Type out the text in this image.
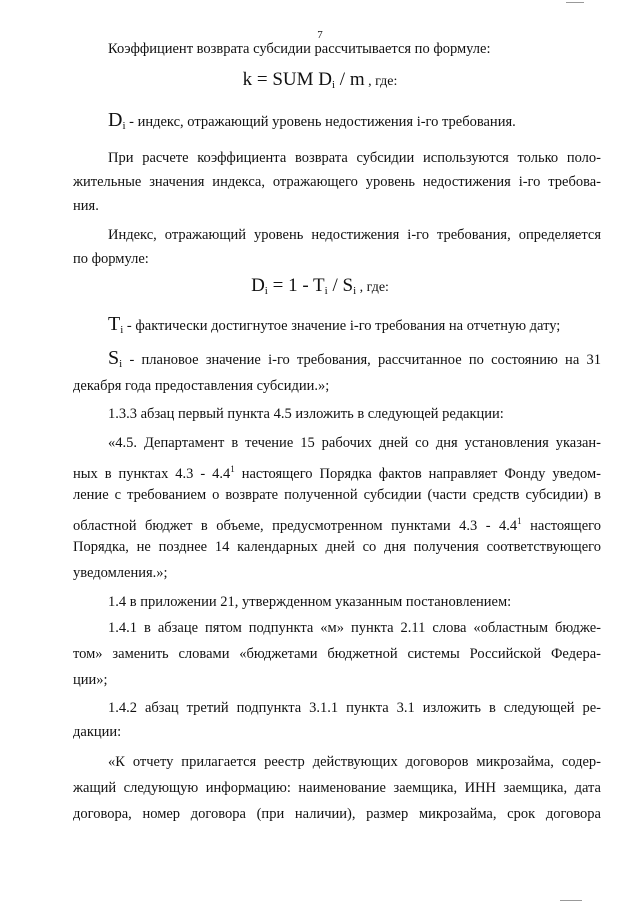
7
Коэффициент возврата субсидии рассчитывается по формуле:
k = SUM $D_i$ / m , где:
$D_i$ - индекс, отражающий уровень недостижения i-го требования.
При расчете коэффициента возврата субсидии используются только поло-
жительные значения индекса, отражающего уровень недостижения i-го требова-
ния.
Индекс, отражающий уровень недостижения i-го требования, определяется
по формуле:
$D_i = 1 - T_i / S_i$ , где:
$T_i$ - фактически достигнутое значение i-го требования на отчетную дату;
$S_i$ - плановое значение i-го требования, рассчитанное по состоянию на 31
декабря года предоставления субсидии.»;
1.3.3 абзац первый пункта 4.5 изложить в следующей редакции:
«4.5. Департамент в течение 15 рабочих дней со дня установления указан-
ных в пунктах $4.3 - 4.4^1$ настоящего Порядка фактов направляет Фонду уведом-
ление с требованием о возврате полученной субсидии (части средств субсидии) в
областной бюджет в объеме, предусмотренном пунктами $4.3 - 4.4^1$ настоящего
Порядка, не позднее 14 календарных дней со дня получения соответствующего
уведомления.»;
1.4 в приложении 21, утвержденном указанным постановлением:
1.4.1 в абзаце пятом подпункта «м» пункта 2.11 слова «областным бюдже-
том» заменить словами «бюджетами бюджетной системы Российской Федера-
ции»;
1.4.2 абзац третий подпункта 3.1.1 пункта 3.1 изложить в следующей ре-
дакции:
«К отчету прилагается реестр действующих договоров микрозайма, содер-
жащий следующую информацию: наименование заемщика, ИНН заемщика, дата
договора, номер договора (при наличии), размер микрозайма, срок договора
